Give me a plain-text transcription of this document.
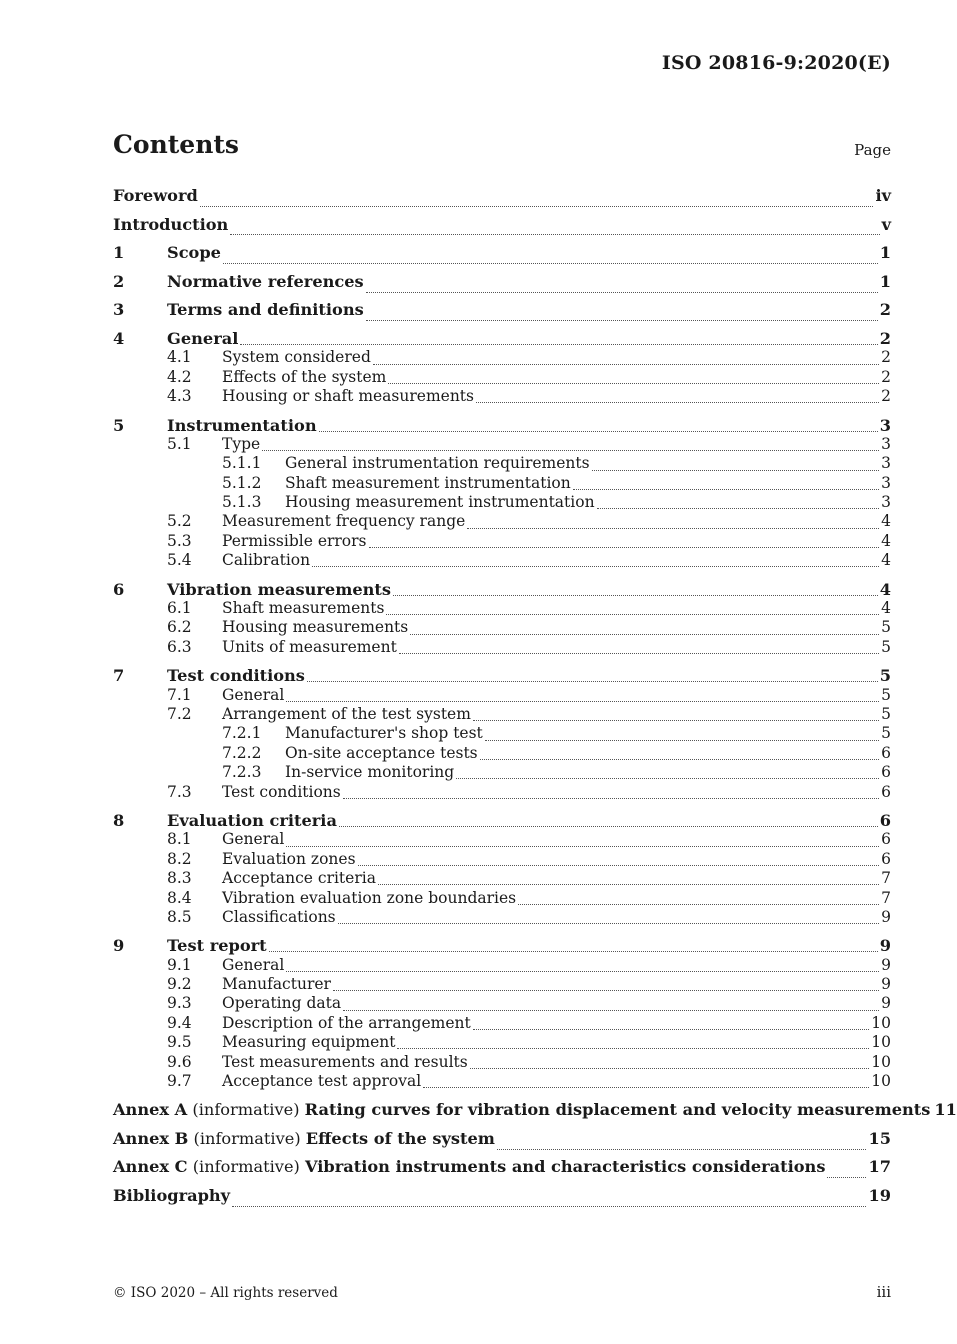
ISO 20816-9:2020(E)
Contents	Page
Foreword	iv
Introduction	v
1	Scope	1
2	Normative references	1
3	Terms and definitions	2
4	General	2
4.1	System considered	2
4.2	Effects of the system	2
4.3	Housing or shaft measurements	2
5	Instrumentation	3
5.1	Type	3
5.1.1	General instrumentation requirements	3
5.1.2	Shaft measurement instrumentation	3
5.1.3	Housing measurement instrumentation	3
5.2	Measurement frequency range	4
5.3	Permissible errors	4
5.4	Calibration	4
6	Vibration measurements	4
6.1	Shaft measurements	4
6.2	Housing measurements	5
6.3	Units of measurement	5
7	Test conditions	5
7.1	General	5
7.2	Arrangement of the test system	5
7.2.1	Manufacturer's shop test	5
7.2.2	On-site acceptance tests	6
7.2.3	In-service monitoring	6
7.3	Test conditions	6
8	Evaluation criteria	6
8.1	General	6
8.2	Evaluation zones	6
8.3	Acceptance criteria	7
8.4	Vibration evaluation zone boundaries	7
8.5	Classifications	9
9	Test report	9
9.1	General	9
9.2	Manufacturer	9
9.3	Operating data	9
9.4	Description of the arrangement	10
9.5	Measuring equipment	10
9.6	Test measurements and results	10
9.7	Acceptance test approval	10
Annex A (informative) Rating curves for vibration displacement and velocity measurements 11
Annex B (informative) Effects of the system	15
Annex C (informative) Vibration instruments and characteristics considerations	17
Bibliography	19
© ISO 2020 – All rights reserved	iii
